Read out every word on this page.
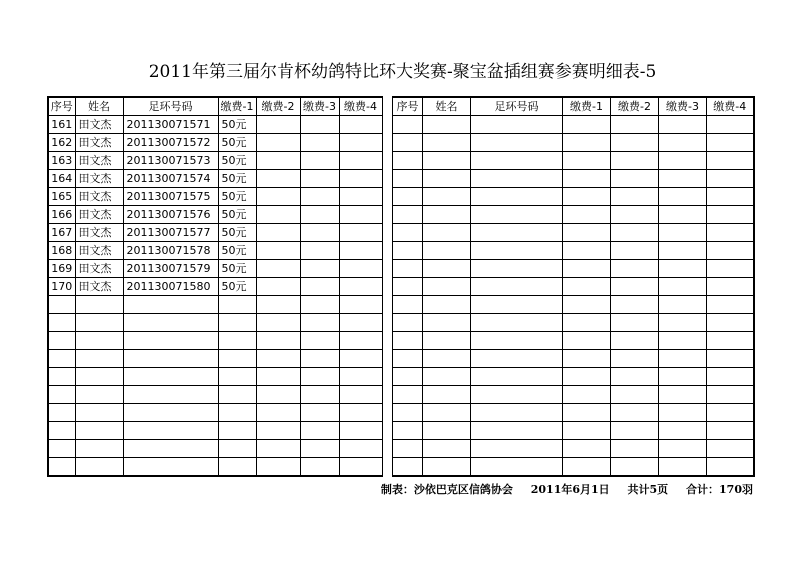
2011年第三届尔肯杯幼鸽特比环大奖赛-聚宝盆插组赛参赛明细表-5
序号	姓名	足环号码	缴费-1	缴费-2	缴费-3	缴费-4
161	田文杰	201130071571	50元			
162	田文杰	201130071572	50元			
163	田文杰	201130071573	50元			
164	田文杰	201130071574	50元			
165	田文杰	201130071575	50元			
166	田文杰	201130071576	50元			
167	田文杰	201130071577	50元			
168	田文杰	201130071578	50元			
169	田文杰	201130071579	50元			
170	田文杰	201130071580	50元			

序号	姓名	足环号码	缴费-1	缴费-2	缴费-3	缴费-4

制表：沙依巴克区信鸽协会 2011年6月1日 共计5页 合计：170羽
